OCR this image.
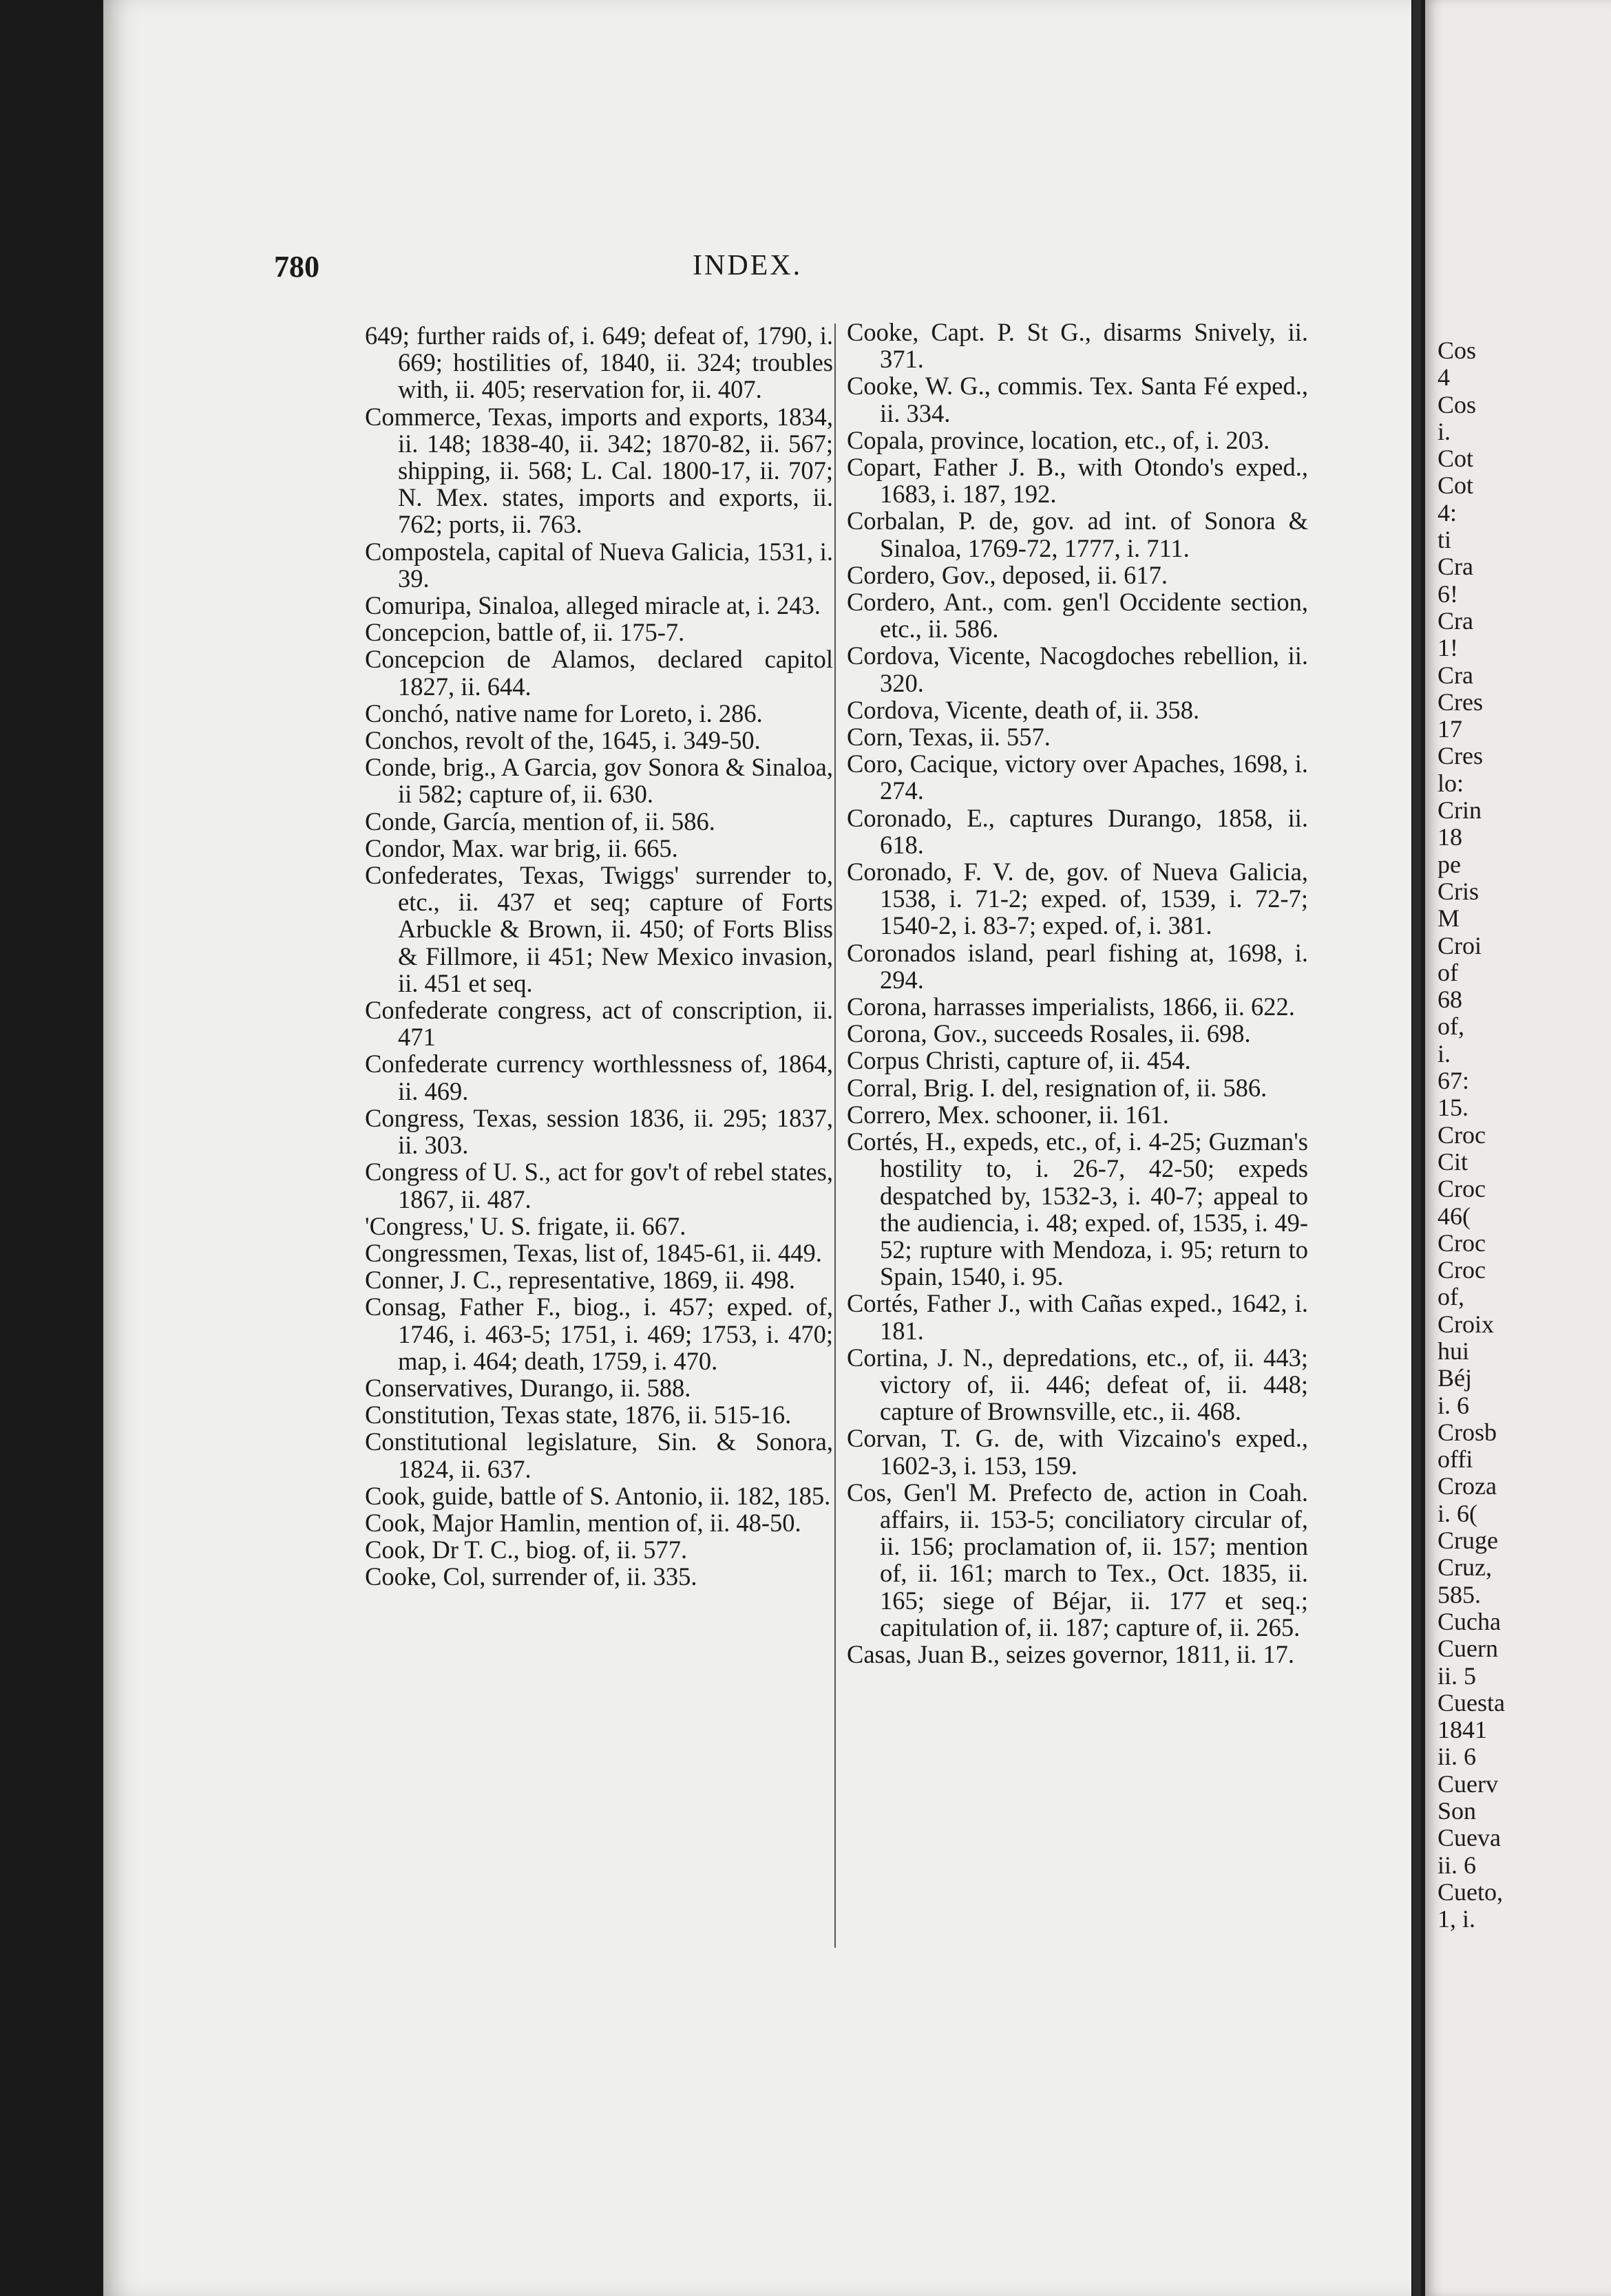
780	INDEX.

649; further raids of, i. 649; defeat of, 1790, i. 669; hostilities of, 1840, ii. 324; troubles with, ii. 405; reservation for, ii. 407.

Commerce, Texas, imports and exports, 1834, ii. 148; 1838-40, ii. 342; 1870-82, ii. 567; shipping, ii. 568; L. Cal. 1800-17, ii. 707; N. Mex. states, imports and exports, ii. 762; ports, ii. 763.

Compostela, capital of Nueva Galicia, 1531, i. 39.

Comuripa, Sinaloa, alleged miracle at, i. 243.

Concepcion, battle of, ii. 175-7.

Concepcion de Alamos, declared capitol 1827, ii. 644.

Conchó, native name for Loreto, i. 286.

Conchos, revolt of the, 1645, i. 349-50.

Conde, brig., A Garcia, gov Sonora & Sinaloa, ii 582; capture of, ii. 630.

Conde, García, mention of, ii. 586.

Condor, Max. war brig, ii. 665.

Confederates, Texas, Twiggs' surrender to, etc., ii. 437 et seq; capture of Forts Arbuckle & Brown, ii. 450; of Forts Bliss & Fillmore, ii 451; New Mexico invasion, ii. 451 et seq.

Confederate congress, act of conscription, ii. 471

Confederate currency worthlessness of, 1864, ii. 469.

Congress, Texas, session 1836, ii. 295; 1837, ii. 303.

Congress of U. S., act for gov't of rebel states, 1867, ii. 487.

'Congress,' U. S. frigate, ii. 667.

Congressmen, Texas, list of, 1845-61, ii. 449.

Conner, J. C., representative, 1869, ii. 498.

Consag, Father F., biog., i. 457; exped. of, 1746, i. 463-5; 1751, i. 469; 1753, i. 470; map, i. 464; death, 1759, i. 470.

Conservatives, Durango, ii. 588.

Constitution, Texas state, 1876, ii. 515-16.

Constitutional legislature, Sin. & Sonora, 1824, ii. 637.

Cook, guide, battle of S. Antonio, ii. 182, 185.

Cook, Major Hamlin, mention of, ii. 48-50.

Cook, Dr T. C., biog. of, ii. 577.

Cooke, Col, surrender of, ii. 335.

Cooke, Capt. P. St G., disarms Snively, ii. 371.

Cooke, W. G., commis. Tex. Santa Fé exped., ii. 334.

Copala, province, location, etc., of, i. 203.

Copart, Father J. B., with Otondo's exped., 1683, i. 187, 192.

Corbalan, P. de, gov. ad int. of Sonora & Sinaloa, 1769-72, 1777, i. 711.

Cordero, Gov., deposed, ii. 617.

Cordero, Ant., com. gen'l Occidente section, etc., ii. 586.

Cordova, Vicente, Nacogdoches rebellion, ii. 320.

Cordova, Vicente, death of, ii. 358.

Corn, Texas, ii. 557.

Coro, Cacique, victory over Apaches, 1698, i. 274.

Coronado, E., captures Durango, 1858, ii. 618.

Coronado, F. V. de, gov. of Nueva Galicia, 1538, i. 71-2; exped. of, 1539, i. 72-7; 1540-2, i. 83-7; exped. of, i. 381.

Coronados island, pearl fishing at, 1698, i. 294.

Corona, harrasses imperialists, 1866, ii. 622.

Corona, Gov., succeeds Rosales, ii. 698.

Corpus Christi, capture of, ii. 454.

Corral, Brig. I. del, resignation of, ii. 586.

Correro, Mex. schooner, ii. 161.

Cortés, H., expeds, etc., of, i. 4-25; Guzman's hostility to, i. 26-7, 42-50; expeds despatched by, 1532-3, i. 40-7; appeal to the audiencia, i. 48; exped. of, 1535, i. 49-52; rupture with Mendoza, i. 95; return to Spain, 1540, i. 95.

Cortés, Father J., with Cañas exped., 1642, i. 181.

Cortina, J. N., depredations, etc., of, ii. 443; victory of, ii. 446; defeat of, ii. 448; capture of Brownsville, etc., ii. 468.

Corvan, T. G. de, with Vizcaino's exped., 1602-3, i. 153, 159.

Cos, Gen'l M. Prefecto de, action in Coah. affairs, ii. 153-5; conciliatory circular of, ii. 156; proclamation of, ii. 157; mention of, ii. 161; march to Tex., Oct. 1835, ii. 165; siege of Béjar, ii. 177 et seq.; capitulation of, ii. 187; capture of, ii. 265.

Casas, Juan B., seizes governor, 1811, ii. 17.

Cos
4
Cos
i.
Cot
Cot
4:
ti
Cra
6!
Cra
1!
Cra
Cres
17
Cres
lo:
Crin
18
pe
Cris
M
Croi
of
68
of,
i.
67:
15.
Croc
Cit
Croc
46(
Croc
Croc
of,
Croix
hui
Béj
i. 6
Crosb
offi
Croza
i. 6(
Cruge
Cruz,
585.
Cucha
Cuern
ii. 5
Cuesta
1841
ii. 6
Cuerv
Son
Cueva
ii. 6
Cueto,
1, i.
